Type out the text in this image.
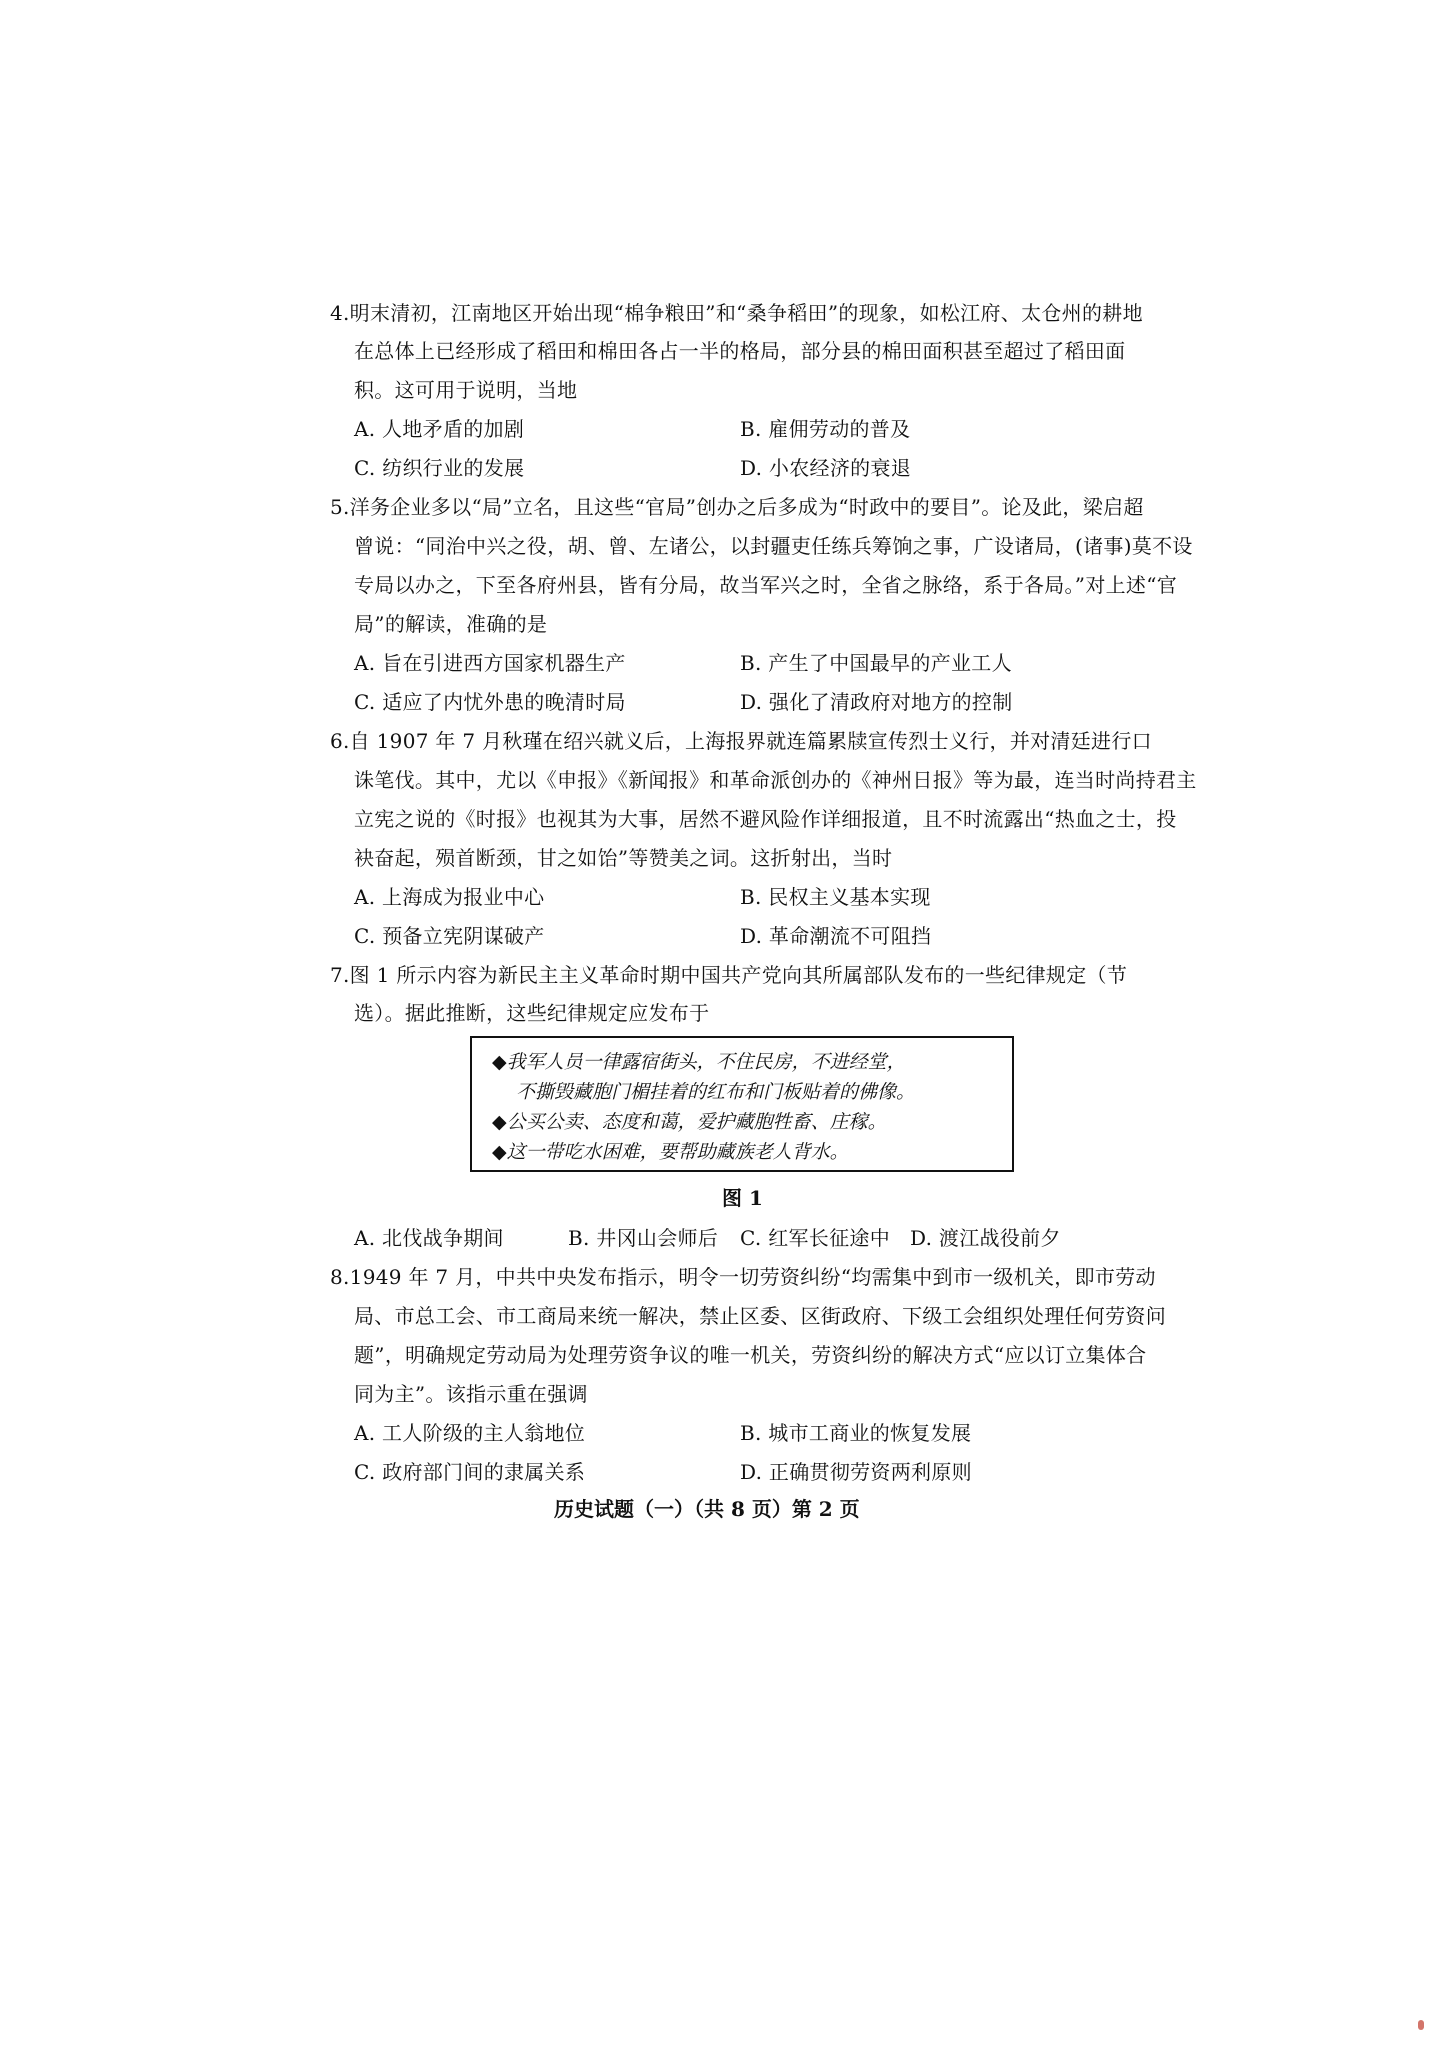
4.明末清初，江南地区开始出现“棉争粮田”和“桑争稻田”的现象，如松江府、太仓州的耕地
在总体上已经形成了稻田和棉田各占一半的格局，部分县的棉田面积甚至超过了稻田面
积。这可用于说明，当地
A. 人地矛盾的加剧	B. 雇佣劳动的普及
C. 纺织行业的发展	D. 小农经济的衰退
5.洋务企业多以“局”立名，且这些“官局”创办之后多成为“时政中的要目”。论及此，梁启超
曾说：“同治中兴之役，胡、曾、左诸公，以封疆吏任练兵筹饷之事，广设诸局，(诸事)莫不设
专局以办之，下至各府州县，皆有分局，故当军兴之时，全省之脉络，系于各局。”对上述“官
局”的解读，准确的是
A. 旨在引进西方国家机器生产	B. 产生了中国最早的产业工人
C. 适应了内忧外患的晚清时局	D. 强化了清政府对地方的控制
6.自 1907 年 7 月秋瑾在绍兴就义后，上海报界就连篇累牍宣传烈士义行，并对清廷进行口
诛笔伐。其中，尤以《申报》《新闻报》和革命派创办的《神州日报》等为最，连当时尚持君主
立宪之说的《时报》也视其为大事，居然不避风险作详细报道，且不时流露出“热血之士，投
袂奋起，殒首断颈，甘之如饴”等赞美之词。这折射出，当时
A. 上海成为报业中心	B. 民权主义基本实现
C. 预备立宪阴谋破产	D. 革命潮流不可阻挡
7.图 1 所示内容为新民主主义革命时期中国共产党向其所属部队发布的一些纪律规定（节
选）。据此推断，这些纪律规定应发布于
◆我军人员一律露宿街头，不住民房，不进经堂，
不撕毁藏胞门楣挂着的红布和门板贴着的佛像。
◆公买公卖、态度和蔼，爱护藏胞牲畜、庄稼。
◆这一带吃水困难，要帮助藏族老人背水。
图 1
A. 北伐战争期间	B. 井冈山会师后 C. 红军长征途中 D. 渡江战役前夕
8.1949 年 7 月，中共中央发布指示，明令一切劳资纠纷“均需集中到市一级机关，即市劳动
局、市总工会、市工商局来统一解决，禁止区委、区街政府、下级工会组织处理任何劳资问
题”，明确规定劳动局为处理劳资争议的唯一机关，劳资纠纷的解决方式“应以订立集体合
同为主”。该指示重在强调
A. 工人阶级的主人翁地位	B. 城市工商业的恢复发展
C. 政府部门间的隶属关系	D. 正确贯彻劳资两利原则
历史试题（一）（共 8 页）第 2 页
